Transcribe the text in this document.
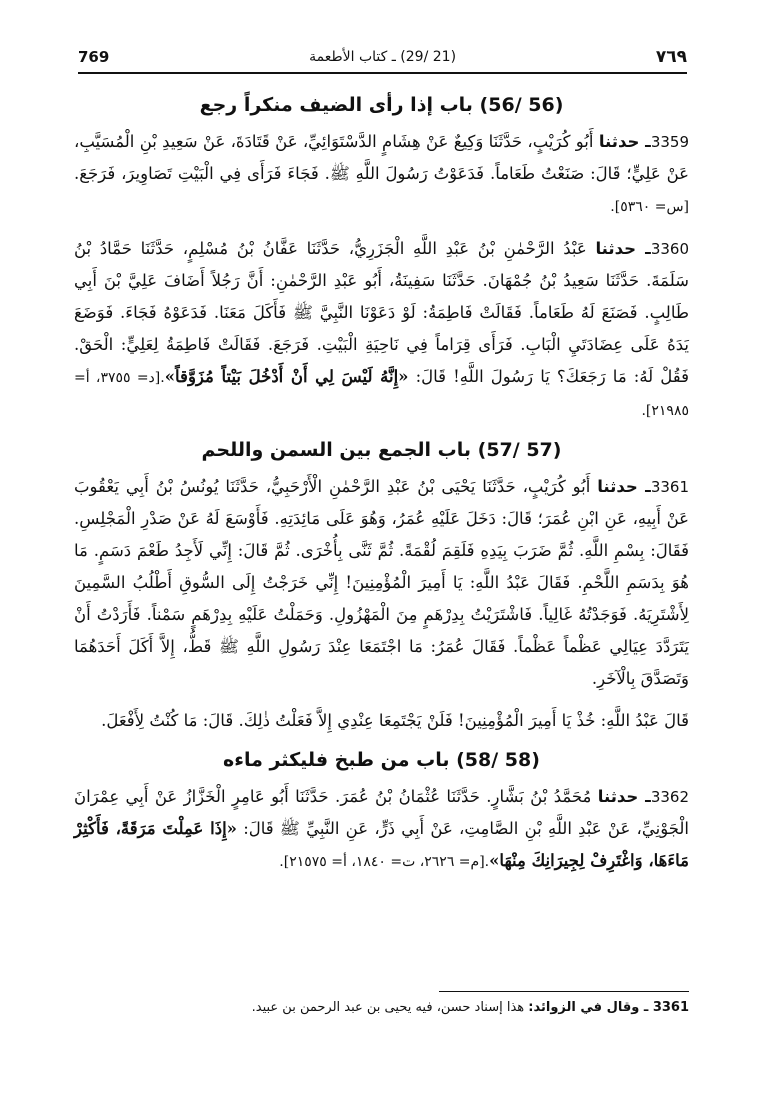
769	(21 /29) ـ كتاب الأطعمة	٧٦٩
(56 /56) باب إذا رأى الضيف منكراً رجع

3359ـ حدثنا أَبُو كُرَيْبٍ، حَدَّثَنَا وَكِيعٌ عَنْ هِشَامٍ الدَّسْتَوَائِيِّ، عَنْ قَتَادَةَ، عَنْ سَعِيدِ بْنِ الْمُسَيَّبِ، عَنْ عَلِيٍّ؛ قَالَ: صَنَعْتُ طَعَاماً. فَدَعَوْتُ رَسُولَ اللَّهِ ﷺ. فَجَاءَ فَرَأَى فِي الْبَيْتِ تَصَاوِيرَ، فَرَجَعَ. [س= ٥٣٦٠].

3360ـ حدثنا عَبْدُ الرَّحْمٰنِ بْنُ عَبْدِ اللَّهِ الْجَزَرِيُّ، حَدَّثَنَا عَفَّانُ بْنُ مُسْلِمٍ، حَدَّثَنَا حَمَّادُ بْنُ سَلَمَةَ. حَدَّثَنَا سَعِيدُ بْنُ جُمْهَانَ. حَدَّثَنَا سَفِينَةُ، أَبُو عَبْدِ الرَّحْمٰنِ: أَنَّ رَجُلاً أَضَافَ عَلِيَّ بْنَ أَبِي طَالِبٍ. فَصَنَعَ لَهُ طَعَاماً. فَقَالَتْ فَاطِمَةُ: لَوْ دَعَوْنَا النَّبِيَّ ﷺ فَأَكَلَ مَعَنَا. فَدَعَوْهُ فَجَاءَ. فَوَضَعَ يَدَهُ عَلَى عِضَادَتَيِ الْبَابِ. فَرَأَى قِرَاماً فِي نَاحِيَةِ الْبَيْتِ. فَرَجَعَ. فَقَالَتْ فَاطِمَةُ لِعَلِيٍّ: الْحَقْ. فَقُلْ لَهُ: مَا رَجَعَكَ؟ يَا رَسُولَ اللَّهِ! قَالَ: «إِنَّهُ لَيْسَ لِي أَنْ أَدْخُلَ بَيْتاً مُزَوَّقاً».[د= ٣٧٥٥، أ= ٢١٩٨٥].

(57 /57) باب الجمع بين السمن واللحم

3361ـ حدثنا أَبُو كُرَيْبٍ، حَدَّثَنَا يَحْيَى بْنُ عَبْدِ الرَّحْمٰنِ الْأَرْحَبِيُّ، حَدَّثَنَا يُونُسُ بْنُ أَبِي يَعْقُوبَ عَنْ أَبِيهِ، عَنِ ابْنِ عُمَرَ؛ قَالَ: دَخَلَ عَلَيْهِ عُمَرُ، وَهُوَ عَلَى مَائِدَتِهِ. فَأَوْسَعَ لَهُ عَنْ صَدْرِ الْمَجْلِسِ. فَقَالَ: بِسْمِ اللَّهِ. ثُمَّ ضَرَبَ بِيَدِهِ فَلَقِمَ لُقْمَةً. ثُمَّ ثَنَّى بِأُخْرَى. ثُمَّ قَالَ: إِنِّي لَأَجِدُ طَعْمَ دَسَمٍ. مَا هُوَ بِدَسَمِ اللَّحْمِ. فَقَالَ عَبْدُ اللَّهِ: يَا أَمِيرَ الْمُؤْمِنِينَ! إِنِّي خَرَجْتُ إِلَى السُّوقِ أَطْلُبُ السَّمِينَ لِأَشْتَرِيَهُ. فَوَجَدْتُهُ غَالِياً. فَاشْتَرَيْتُ بِدِرْهَمٍ مِنَ الْمَهْزُولِ. وَحَمَلْتُ عَلَيْهِ بِدِرْهَمٍ سَمْناً. فَأَرَدْتُ أَنْ يَتَرَدَّدَ عِيَالِي عَظْماً عَظْماً. فَقَالَ عُمَرُ: مَا اجْتَمَعَا عِنْدَ رَسُولِ اللَّهِ ﷺ قَطُّ، إِلاَّ أَكَلَ أَحَدَهُمَا وَتَصَدَّقَ بِالْآخَرِ.

قَالَ عَبْدُ اللَّهِ: خُذْ يَا أَمِيرَ الْمُؤْمِنِينَ! فَلَنْ يَجْتَمِعَا عِنْدِي إِلاَّ فَعَلْتُ ذٰلِكَ. قَالَ: مَا كُنْتُ لِأَفْعَلَ.

(58 /58) باب من طبخ فليكثر ماءه

3362ـ حدثنا مُحَمَّدُ بْنُ بَشَّارٍ. حَدَّثَنَا عُثْمَانُ بْنُ عُمَرَ. حَدَّثَنَا أَبُو عَامِرٍ الْخَزَّازُ عَنْ أَبِي عِمْرَانَ الْجَوْنِيِّ، عَنْ عَبْدِ اللَّهِ بْنِ الصَّامِتِ، عَنْ أَبِي ذَرٍّ، عَنِ النَّبِيِّ ﷺ قَالَ: «إِذَا عَمِلْتَ مَرَقَةً، فَأَكْثِرْ مَاءَهَا، وَاغْتَرِفْ لِجِيرَانِكَ مِنْهَا».[م= ٢٦٢٦، ت= ١٨٤٠، أ= ٢١٥٧٥].

3361 ـ وقال في الزوائد: هذا إسناد حسن، فيه يحيى بن عبد الرحمن بن عبيد.
